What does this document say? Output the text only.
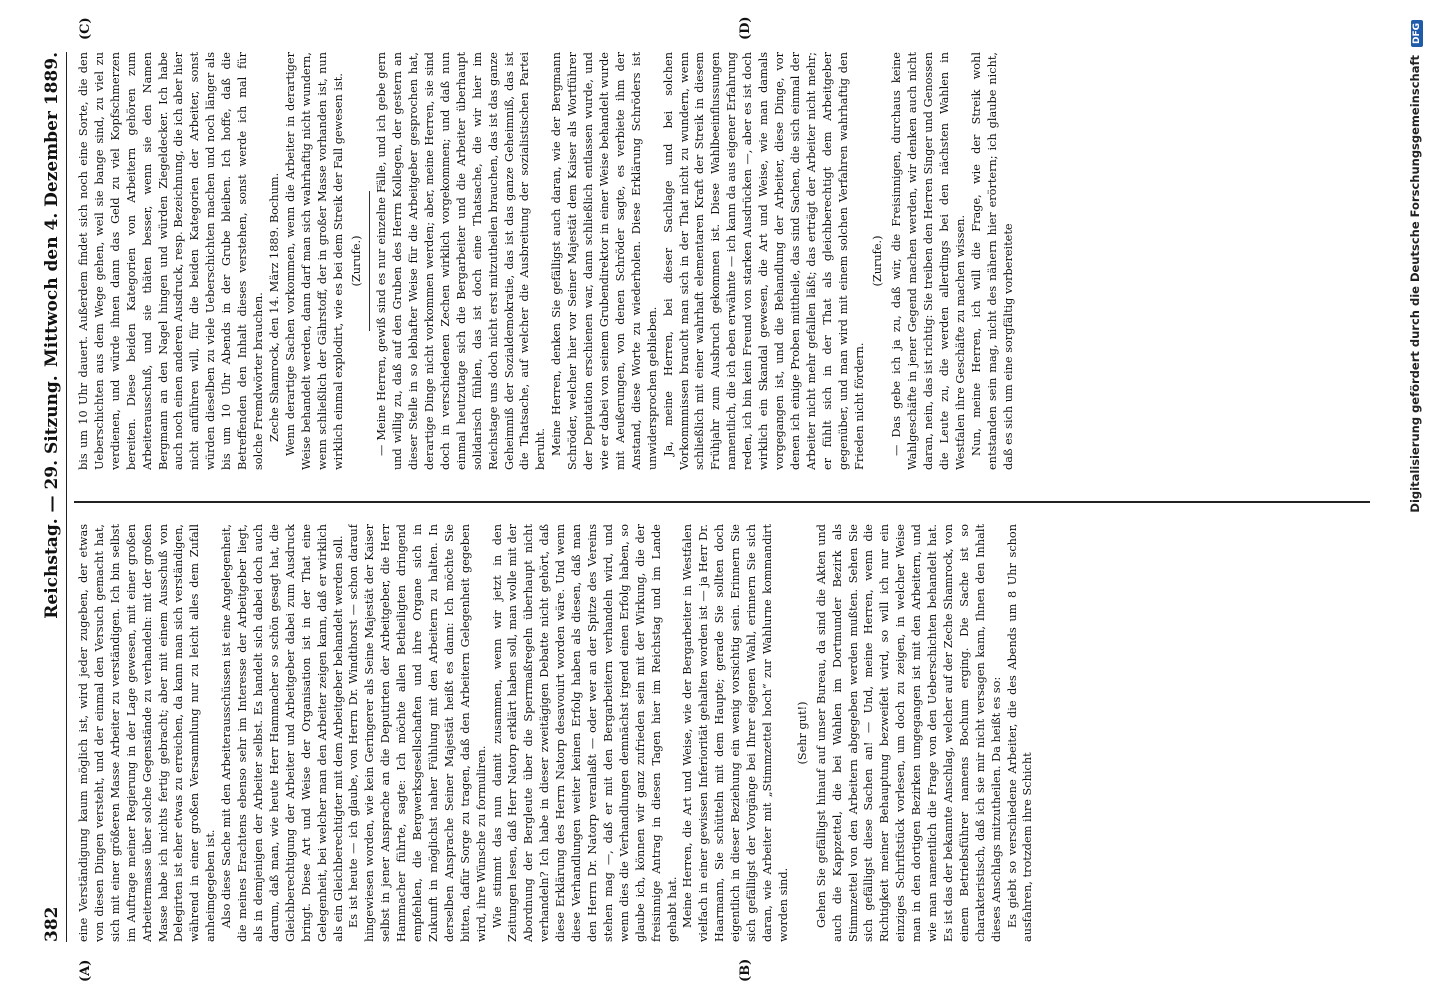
382
Reichstag. — 29. Sitzung.
Mittwoch den 4. Dezember 1889.
(A)	(B)
(C)	(D)

eine Verständigung kaum möglich ist, wird jeder zugeben, der etwas von diesen Dingen versteht, und der einmal den Versuch gemacht hat, sich mit einer größeren Masse Arbeiter zu verständigen. Ich bin selbst im Auftrage meiner Regierung in der Lage gewesen, mit einer großen Arbeitermasse über solche Gegenstände zu verhandeln: mit der großen Masse habe ich nichts fertig gebracht; aber mit einem Ausschuß von Delegirten ist eher etwas zu erreichen, da kann man sich verständigen, während in einer großen Versammlung nur zu leicht alles dem Zufall anheimgegeben ist. Also diese Sache mit den Arbeiterausschüssen ist eine Angelegenheit, die meines Erachtens ebenso sehr im Interesse der Arbeitgeber liegt, als in demjenigen der Arbeiter selbst. Es handelt sich dabei doch auch darum, daß man, wie heute Herr Hammacher so schön gesagt hat, die Gleichberechtigung der Arbeiter und Arbeitgeber dabei zum Ausdruck bringt. Diese Art und Weise der Organisation ist in der That eine Gelegenheit, bei welcher man den Arbeiter zeigen kann, daß er wirklich als ein Gleichberechtigter mit dem Arbeitgeber behandelt werden soll. Es ist heute — ich glaube, von Herrn Dr. Windthorst — schon darauf hingewiesen worden, wie kein Geringerer als Seine Majestät der Kaiser selbst in jener Ansprache an die Deputirten der Arbeitgeber, die Herr Hammacher führte, sagte: Ich möchte allen Betheiligten dringend empfehlen, die Bergwerksgesellschaften und ihre Organe sich in Zukunft in möglichst naher Fühlung mit den Arbeitern zu halten. In derselben Ansprache Seiner Majestät heißt es dann: Ich möchte Sie bitten, dafür Sorge zu tragen, daß den Arbeitern Gelegenheit gegeben wird, ihre Wünsche zu formuliren. Wie stimmt das nun damit zusammen, wenn wir jetzt in den Zeitungen lesen, daß Herr Natorp erklärt haben soll, man wolle mit der Abordnung der Bergleute über die Sperrmaßregeln überhaupt nicht verhandeln? Ich habe in dieser zweitägigen Debatte nicht gehört, daß diese Erklärung des Herrn Natorp desavouirt worden wäre. Und wenn diese Verhandlungen weiter keinen Erfolg haben als diesen, daß man den Herrn Dr. Natorp veranlaßt — oder wer an der Spitze des Vereins stehen mag —, daß er mit den Bergarbeitern verhandeln wird, und wenn dies die Verhandlungen demnächst irgend einen Erfolg haben, so glaube ich, können wir ganz zufrieden sein mit der Wirkung, die der freisinnige Antrag in diesen Tagen hier im Reichstag und im Lande gehabt hat. Meine Herren, die Art und Weise, wie der Bergarbeiter in Westfalen vielfach in einer gewissen Inferiorität gehalten worden ist — ja Herr Dr. Haarmann, Sie schütteln mit dem Haupte; gerade Sie sollten doch eigentlich in dieser Beziehung ein wenig vorsichtig sein. Erinnern Sie sich gefälligst der Vorgänge bei Ihrer eigenen Wahl, erinnern Sie sich daran, wie Arbeiter mit „Stimmzettel hoch“ zur Wahlurne kommandirt worden sind.

(Sehr gut!) Gehen Sie gefälligst hinauf auf unser Bureau, da sind die Akten und auch die Kappzettel, die bei Wahlen im Dortmunder Bezirk als Stimmzettel von den Arbeitern abgegeben werden mußten. Sehen Sie sich gefälligst diese Sachen an! — Und, meine Herren, wenn die Richtigkeit meiner Behauptung bezweifelt wird, so will ich nur ein einziges Schriftstück vorlesen, um doch zu zeigen, in welcher Weise man in den dortigen Bezirken umgegangen ist mit den Arbeitern, und wie man namentlich die Frage von den Ueberschichten behandelt hat. Es ist das der bekannte Anschlag, welcher auf der Zeche Shamrock, von einem Betriebsführer namens Bochum erging. Die Sache ist so charakteristisch, daß ich sie mir nicht versagen kann, Ihnen den Inhalt dieses Anschlags mitzutheilen. Da heißt es so: Es giebt so verschiedene Arbeiter, die des Abends um 8 Uhr schon ausfahren, trotzdem ihre Schicht

bis um 10 Uhr dauert. Außerdem findet sich noch eine Sorte, die den Ueberschichten aus dem Wege gehen, weil sie bange sind, zu viel zu verdienen, und würde ihnen dann das Geld zu viel Kopfschmerzen bereiten. Diese beiden Kategorien von Arbeitern gehören zum Arbeiterausschuß, und sie thäten besser, wenn sie den Namen Bergmann an den Nagel hingen und würden Ziegeldecker. Ich habe auch noch einen anderen Ausdruck, resp. Bezeichnung, die ich aber hier nicht anführen will, für die beiden Kategorien der Arbeiter, sonst würden dieselben zu viele Ueberschichten machen und noch länger als bis um 10 Uhr Abends in der Grube bleiben. Ich hoffe, daß die Betreffenden den Inhalt dieses verstehen, sonst werde ich mal für solche Fremdwörter brauchen. Zeche Shamrock, den 14. März 1889. Bochum. Wenn derartige Sachen vorkommen, wenn die Arbeiter in derartiger Weise behandelt werden, dann darf man sich wahrhaftig nicht wundern, wenn schließlich der Gährstoff, der in großer Masse vorhanden ist, nun wirklich einmal explodirt, wie es bei dem Streik der Fall gewesen ist. (Zurufe.) — Meine Herren, gewiß sind es nur einzelne Fälle, und ich gebe gern und willig zu, daß auf den Gruben des Herrn Kollegen, der gestern an dieser Stelle in so lebhafter Weise für die Arbeitgeber gesprochen hat, derartige Dinge nicht vorkommen werden; aber, meine Herren, sie sind doch in verschiedenen Zechen wirklich vorgekommen; und daß nun einmal heutzutage sich die Bergarbeiter und die Arbeiter überhaupt solidarisch fühlen, das ist doch eine Thatsache, die wir hier im Reichstage uns doch nicht erst mitzutheilen brauchen, das ist das ganze Geheimniß der Sozialdemokratie, das ist das ganze Geheimniß, das ist die Thatsache, auf welcher die Ausbreitung der sozialistischen Partei beruht. Meine Herren, denken Sie gefälligst auch daran, wie der Bergmann Schröder, welcher hier vor Seiner Majestät dem Kaiser als Wortführer der Deputation erschienen war, dann schließlich entlassen wurde, und wie er dabei von seinem Grubendirektor in einer Weise behandelt wurde mit Aeußerungen, von denen Schröder sagte, es verbiete ihm der Anstand, diese Worte zu wiederholen. Diese Erklärung Schröders ist unwidersprochen geblieben. Ja, meine Herren, bei dieser Sachlage und bei solchen Vorkommnissen braucht man sich in der That nicht zu wundern, wenn schließlich mit einer wahrhaft elementaren Kraft der Streik in diesem Frühjahr zum Ausbruch gekommen ist. Diese Wahlbeeinflussungen namentlich, die ich eben erwähnte — ich kann da aus eigener Erfahrung reden, ich bin kein Freund von starken Ausdrücken —, aber es ist doch wirklich ein Skandal gewesen, die Art und Weise, wie man damals vorgegangen ist, und die Behandlung der Arbeiter, diese Dinge, vor denen ich einige Proben mittheile, das sind Sachen, die sich einmal der Arbeiter nicht mehr gefallen läßt; das erträgt der Arbeiter nicht mehr; er fühlt sich in der That als gleichberechtigt dem Arbeitgeber gegenüber, und man wird mit einem solchen Verfahren wahrhaftig den Frieden nicht fördern.

(Zurufe.) — Das gebe ich ja zu, daß wir, die Freisinnigen, durchaus keine Wahlgeschäfte in jener Gegend machen werden, wir denken auch nicht daran, nein, das ist richtig: Sie treiben den Herren Singer und Genossen die Leute zu, die werden allerdings bei den nächsten Wahlen in Westfalen ihre Geschäfte zu machen wissen. Nun, meine Herren, ich will die Frage, wie der Streik wohl entstanden sein mag, nicht des nähern hier erörtern; ich glaube nicht, daß es sich um eine sorgfältig vorbereitete	Digitalisierung gefördert durch die Deutsche Forschungsgemeinschaft DFG
